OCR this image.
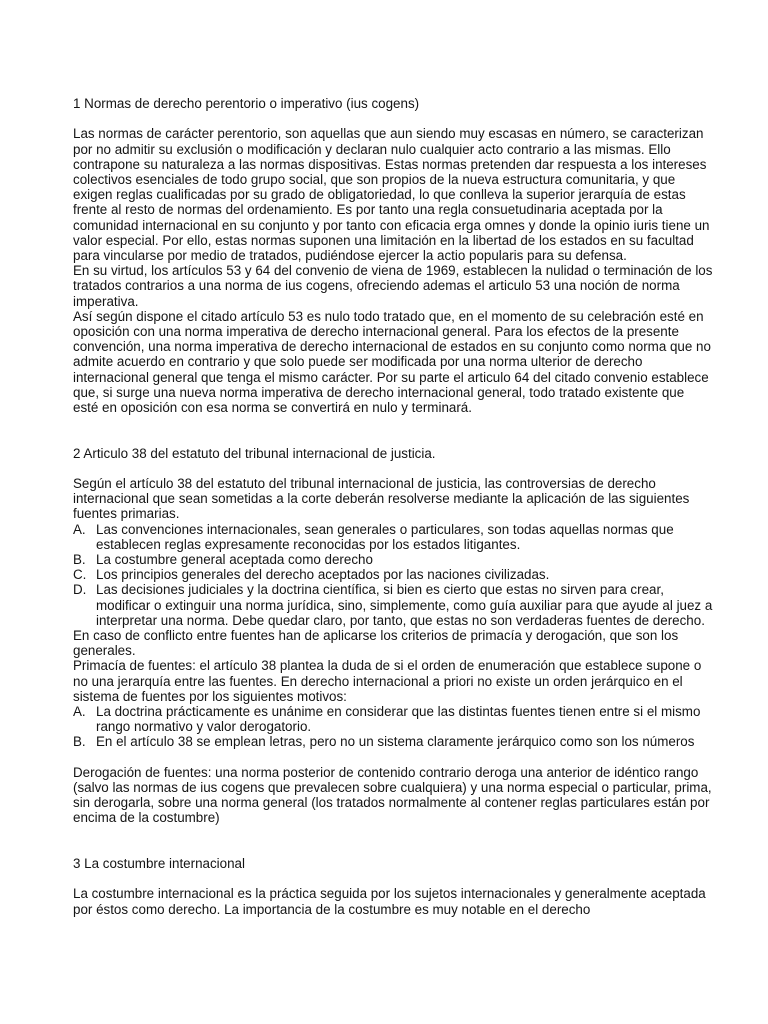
1 Normas de derecho perentorio o imperativo (ius cogens)

Las normas de carácter perentorio, son aquellas que aun siendo muy escasas en número, se caracterizan por no admitir su exclusión o modificación y declaran nulo cualquier acto contrario a las mismas. Ello contrapone su naturaleza a las normas dispositivas. Estas normas pretenden dar respuesta a los intereses colectivos esenciales de todo grupo social, que son propios de la nueva estructura comunitaria, y que exigen reglas cualificadas por su grado de obligatoriedad, lo que conlleva la superior jerarquía de estas frente al resto de normas del ordenamiento. Es por tanto una regla consuetudinaria aceptada por la comunidad internacional en su conjunto y por tanto con eficacia erga omnes y donde la opinio iuris tiene un valor especial. Por ello, estas normas suponen una limitación en la libertad de los estados en su facultad para vincularse por medio de tratados, pudiéndose ejercer la actio popularis para su defensa.

En su virtud, los artículos 53 y 64 del convenio de viena de 1969, establecen la nulidad o terminación de los tratados contrarios a una norma de ius cogens, ofreciendo ademas el articulo 53 una noción de norma imperativa.

Así según dispone el citado artículo 53 es nulo todo tratado que, en el momento de su celebración esté en oposición con una norma imperativa de derecho internacional general. Para los efectos de la presente convención, una norma imperativa de derecho internacional de estados en su conjunto como norma que no admite acuerdo en contrario y que solo puede ser modificada por una norma ulterior de derecho internacional general que tenga el mismo carácter. Por su parte el articulo 64 del citado convenio establece que, si surge una nueva norma imperativa de derecho internacional general, todo tratado existente que esté en oposición con esa norma se convertirá en nulo y terminará.

2 Articulo 38 del estatuto del tribunal internacional de justicia.

Según el artículo 38 del estatuto del tribunal internacional de justicia, las controversias de derecho internacional que sean sometidas a la corte deberán resolverse mediante la aplicación de las siguientes fuentes primarias.

A. Las convenciones internacionales, sean generales o particulares, son todas aquellas normas que establecen reglas expresamente reconocidas por los estados litigantes.
B. La costumbre general aceptada como derecho
C. Los principios generales del derecho aceptados por las naciones civilizadas.
D. Las decisiones judiciales y la doctrina científica, si bien es cierto que estas no sirven para crear, modificar o extinguir una norma jurídica, sino, simplemente, como guía auxiliar para que ayude al juez a interpretar una norma. Debe quedar claro, por tanto, que estas no son verdaderas fuentes de derecho.

En caso de conflicto entre fuentes han de aplicarse los criterios de primacía y derogación, que son los generales.

Primacía de fuentes: el artículo 38 plantea la duda de si el orden de enumeración que establece supone o no una jerarquía entre las fuentes. En derecho internacional a priori no existe un orden jerárquico en el sistema de fuentes por los siguientes motivos:

A. La doctrina prácticamente es unánime en considerar que las distintas fuentes tienen entre si el mismo rango normativo y valor derogatorio.
B. En el artículo 38 se emplean letras, pero no un sistema claramente jerárquico como son los números

Derogación de fuentes: una norma posterior de contenido contrario deroga una anterior de idéntico rango (salvo las normas de ius cogens que prevalecen sobre cualquiera) y una norma especial o particular, prima, sin derogarla, sobre una norma general (los tratados normalmente al contener reglas particulares están por encima de la costumbre)

3 La costumbre internacional

La costumbre internacional es la práctica seguida por los sujetos internacionales y generalmente aceptada por éstos como derecho. La importancia de la costumbre es muy notable en el derecho
